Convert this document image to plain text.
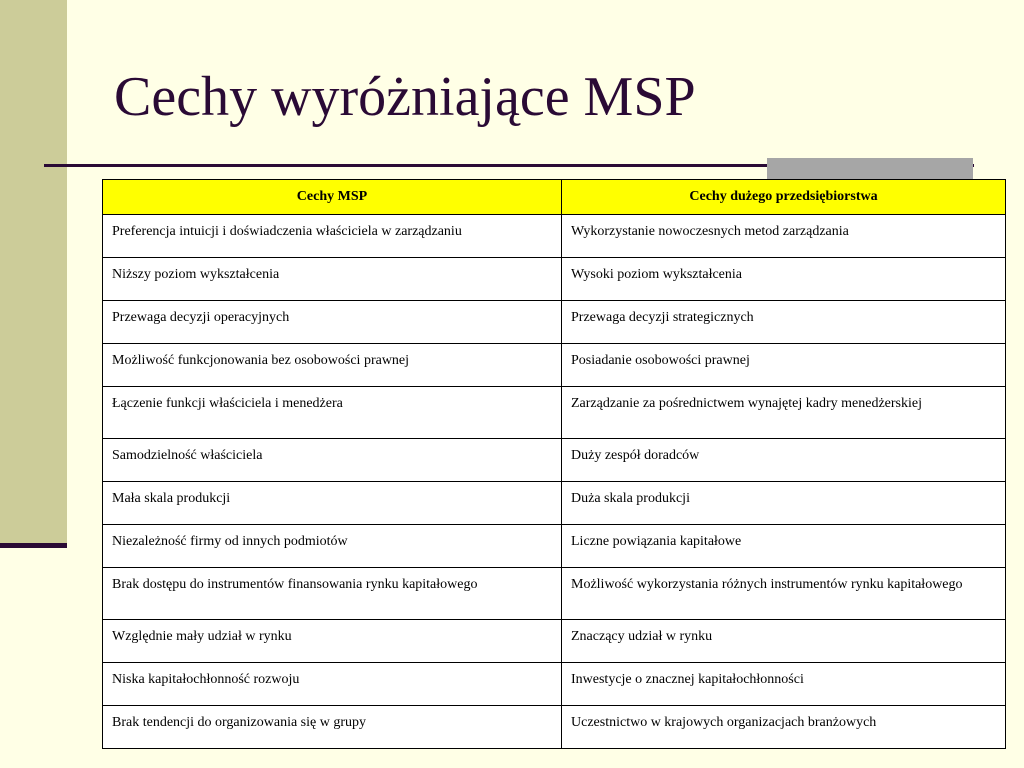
Cechy wyróżniające MSP
Cechy MSP	Cechy dużego przedsiębiorstwa
Preferencja intuicji i doświadczenia właściciela w zarządzaniu	Wykorzystanie nowoczesnych metod zarządzania
Niższy poziom wykształcenia	Wysoki poziom wykształcenia
Przewaga decyzji operacyjnych	Przewaga decyzji strategicznych
Możliwość funkcjonowania bez osobowości prawnej	Posiadanie osobowości prawnej
Łączenie funkcji właściciela i menedżera	Zarządzanie za pośrednictwem wynajętej kadry menedżerskiej
Samodzielność właściciela	Duży zespół doradców
Mała skala produkcji	Duża skala produkcji
Niezależność firmy od innych podmiotów	Liczne powiązania kapitałowe
Brak dostępu do instrumentów finansowania rynku kapitałowego	Możliwość wykorzystania różnych instrumentów rynku kapitałowego
Względnie mały udział w rynku	Znaczący udział w rynku
Niska kapitałochłonność rozwoju	Inwestycje o znacznej kapitałochłonności
Brak tendencji do organizowania się w grupy	Uczestnictwo w krajowych organizacjach branżowych
